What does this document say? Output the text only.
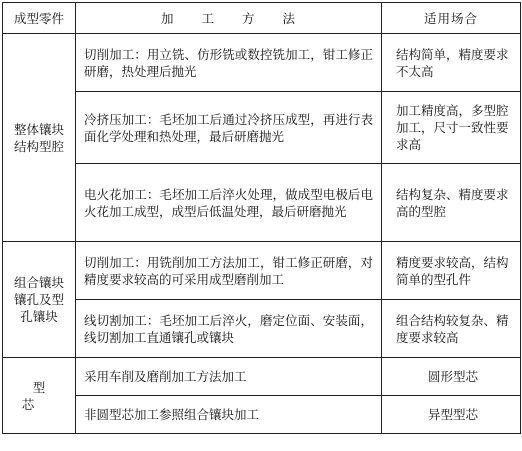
成型零件	加　　工　　方　　法	适用场合
整体镶块
结构型腔	切削加工：用立铣、仿形铣或数控铣加工，钳工修正研磨，热处理后抛光	结构简单，精度要求不太高
	冷挤压加工：毛坯加工后通过冷挤压成型，再进行表面化学处理和热处理，最后研磨抛光	加工精度高，多型腔加工，尺寸一致性要求高
	电火花加工：毛坯加工后淬火处理，做成型电极后电火花加工成型，成型后低温处理，最后研磨抛光	结构复杂、精度要求高的型腔
组合镶块
镶孔及型
孔镶块	切削加工：用铣削加工方法加工，钳工修正研磨，对精度要求较高的可采用成型磨削加工	精度要求较高，结构简单的型孔件
	线切割加工：毛坯加工后淬火，磨定位面、安装面，线切割加工直通镶孔或镶块	组合结构较复杂、精度要求较高
型芯	采用车削及磨削加工方法加工	圆形型芯
	非圆型芯加工参照组合镶块加工	异型型芯
